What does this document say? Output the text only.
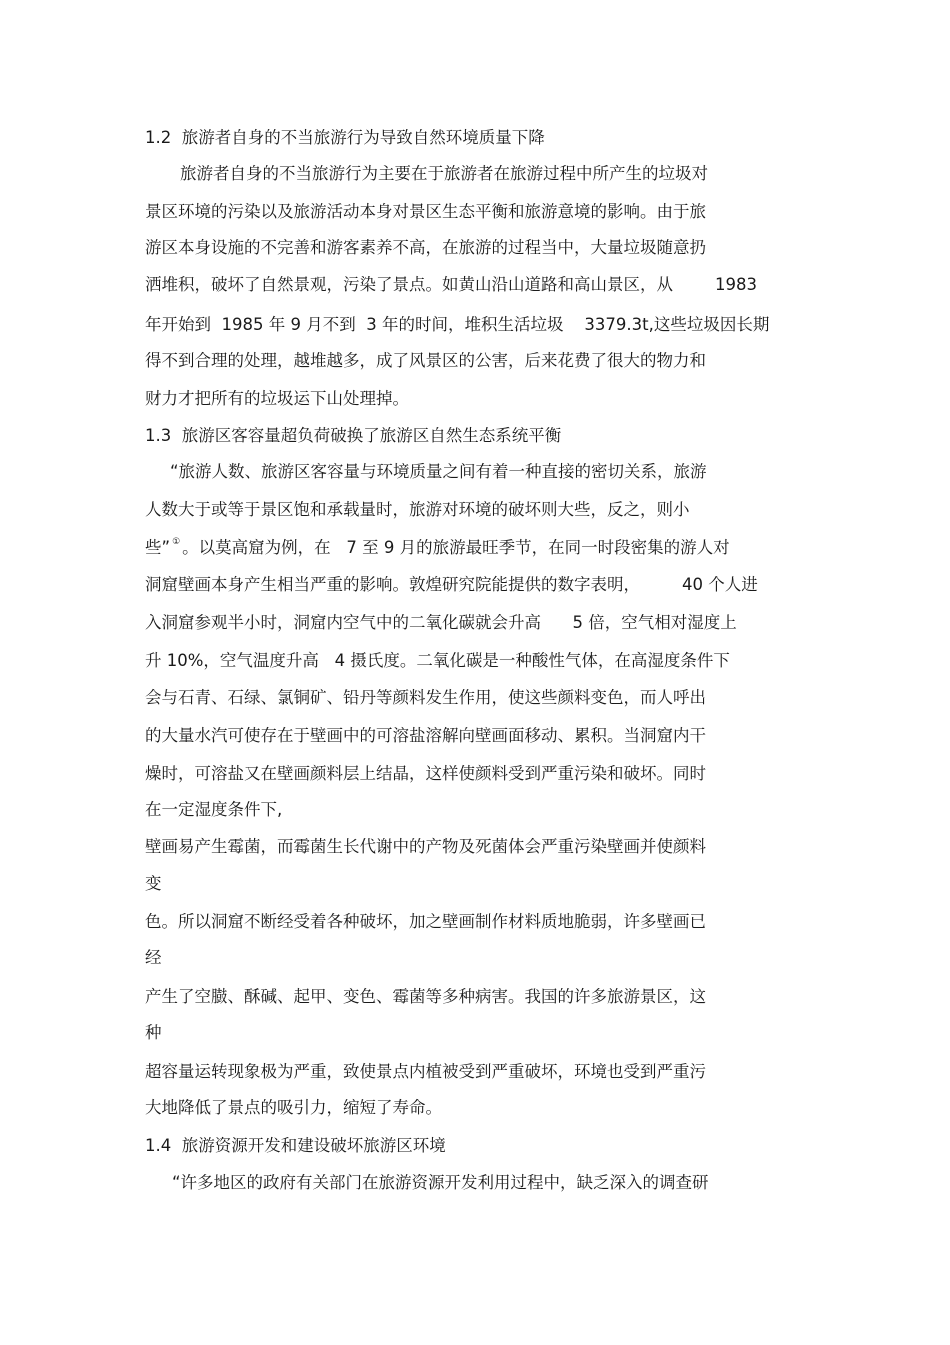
1.2  旅游者自身的不当旅游行为导致自然环境质量下降
旅游者自身的不当旅游行为主要在于旅游者在旅游过程中所产生的垃圾对
景区环境的污染以及旅游活动本身对景区生态平衡和旅游意境的影响。由于旅
游区本身设施的不完善和游客素养不高，在旅游的过程当中，大量垃圾随意扔
洒堆积，破坏了自然景观，污染了景点。如黄山沿山道路和高山景区，从        1983
年开始到  1985 年 9 月不到  3 年的时间，堆积生活垃圾    3379.3t,这些垃圾因长期
得不到合理的处理，越堆越多，成了风景区的公害，后来花费了很大的物力和
财力才把所有的垃圾运下山处理掉。
1.3  旅游区客容量超负荷破换了旅游区自然生态系统平衡
“旅游人数、旅游区客容量与环境质量之间有着一种直接的密切关系，旅游
人数大于或等于景区饱和承载量时，旅游对环境的破坏则大些，反之，则小
些” ① 。以莫高窟为例，在   7 至 9 月的旅游最旺季节，在同一时段密集的游人对
洞窟壁画本身产生相当严重的影响。敦煌研究院能提供的数字表明，        40 个人进
入洞窟参观半小时，洞窟内空气中的二氧化碳就会升高      5 倍，空气相对湿度上
升 10%，空气温度升高   4 摄氏度。二氧化碳是一种酸性气体，在高湿度条件下
会与石青、石绿、氯铜矿、铅丹等颜料发生作用，使这些颜料变色，而人呼出
的大量水汽可使存在于壁画中的可溶盐溶解向壁画面移动、累积。当洞窟内干
燥时，可溶盐又在壁画颜料层上结晶，这样使颜料受到严重污染和破坏。同时
在一定湿度条件下,
壁画易产生霉菌，而霉菌生长代谢中的产物及死菌体会严重污染壁画并使颜料
变
色。所以洞窟不断经受着各种破坏，加之壁画制作材料质地脆弱，许多壁画已
经
产生了空臌、酥碱、起甲、变色、霉菌等多种病害。我国的许多旅游景区，这
种
超容量运转现象极为严重，致使景点内植被受到严重破坏，环境也受到严重污
大地降低了景点的吸引力，缩短了寿命。
1.4  旅游资源开发和建设破坏旅游区环境
“许多地区的政府有关部门在旅游资源开发利用过程中，缺乏深入的调查研
